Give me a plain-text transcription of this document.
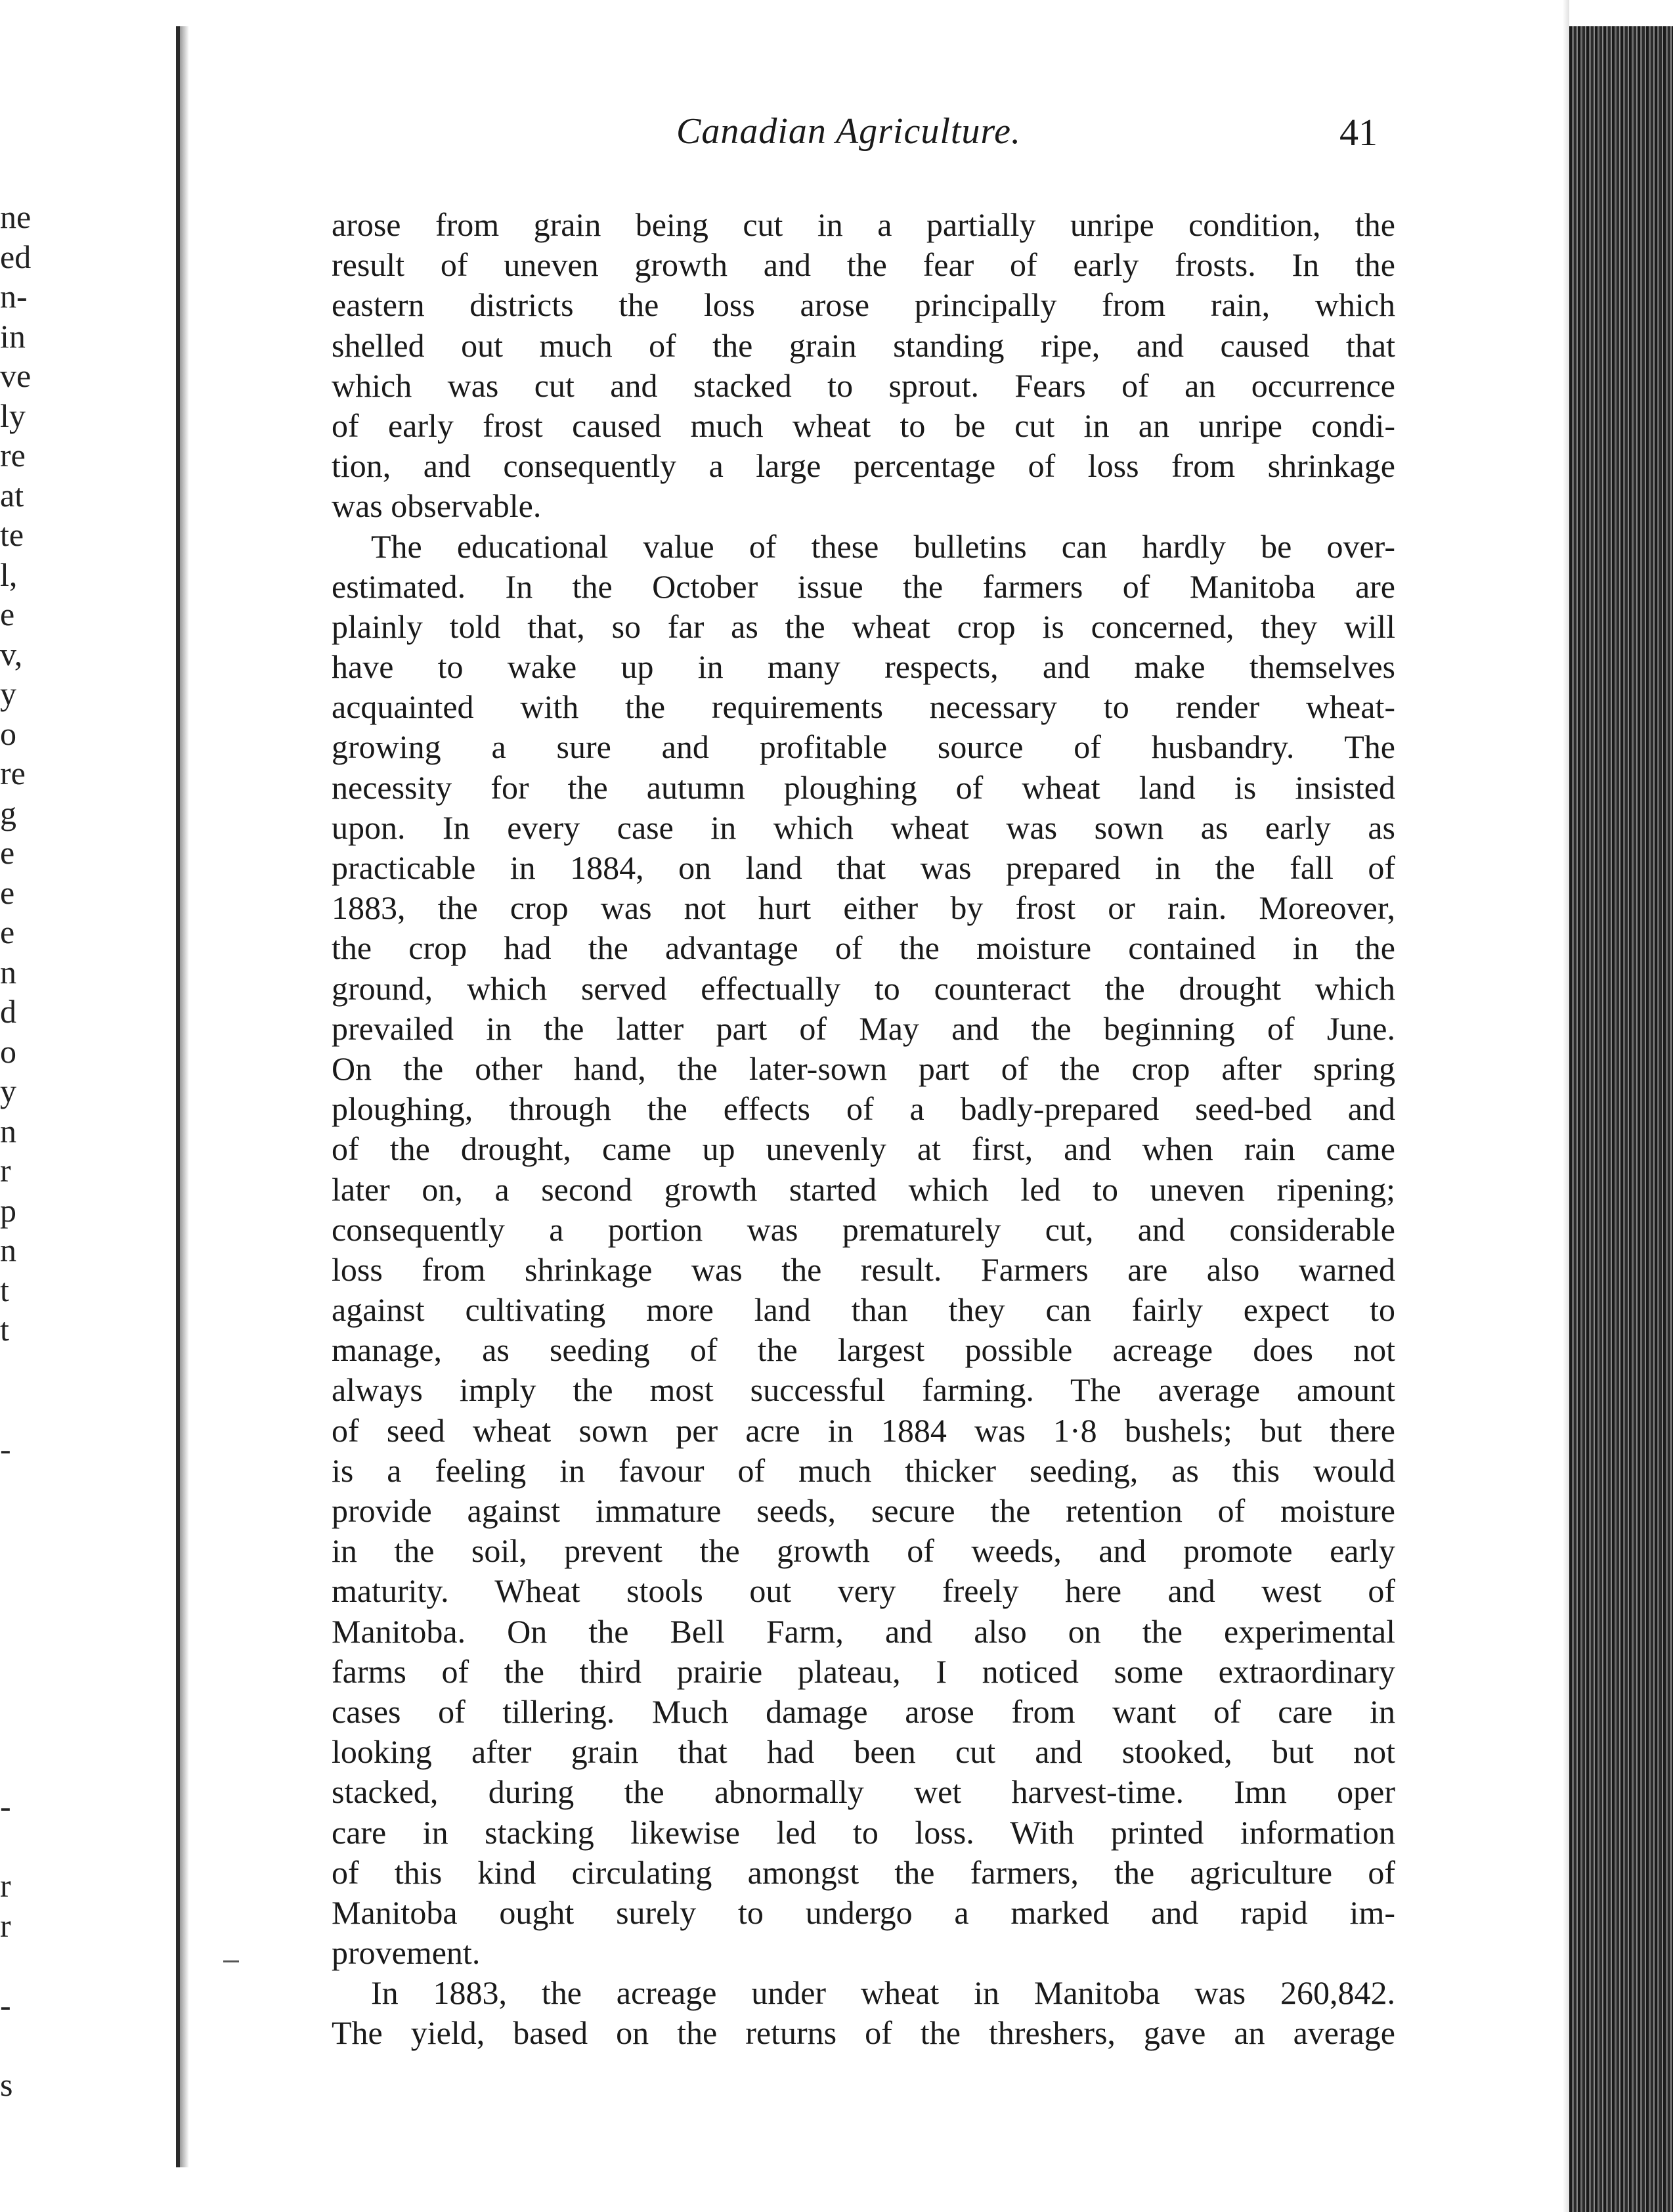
ne
ed
n-
in
ve
ly
re
at
te
l,
e
v,
y
o
re
g
e
e
e
n
d
o
y
n
r
p
n
t
t
-
-
r
r
-
s
Canadian Agriculture.	41
arose from grain being cut in a partially unripe condition, the
result of uneven growth and the fear of early frosts. In the
eastern districts the loss arose principally from rain, which
shelled out much of the grain standing ripe, and caused that
which was cut and stacked to sprout. Fears of an occurrence
of early frost caused much wheat to be cut in an unripe condi-
tion, and consequently a large percentage of loss from shrinkage
was observable.
The educational value of these bulletins can hardly be over-
estimated. In the October issue the farmers of Manitoba are
plainly told that, so far as the wheat crop is concerned, they will
have to wake up in many respects, and make themselves
acquainted with the requirements necessary to render wheat-
growing a sure and profitable source of husbandry. The
necessity for the autumn ploughing of wheat land is insisted
upon. In every case in which wheat was sown as early as
practicable in 1884, on land that was prepared in the fall of
1883, the crop was not hurt either by frost or rain. Moreover,
the crop had the advantage of the moisture contained in the
ground, which served effectually to counteract the drought which
prevailed in the latter part of May and the beginning of June.
On the other hand, the later-sown part of the crop after spring
ploughing, through the effects of a badly-prepared seed-bed and
of the drought, came up unevenly at first, and when rain came
later on, a second growth started which led to uneven ripening;
consequently a portion was prematurely cut, and considerable
loss from shrinkage was the result. Farmers are also warned
against cultivating more land than they can fairly expect to
manage, as seeding of the largest possible acreage does not
always imply the most successful farming. The average amount
of seed wheat sown per acre in 1884 was 1·8 bushels; but there
is a feeling in favour of much thicker seeding, as this would
provide against immature seeds, secure the retention of moisture
in the soil, prevent the growth of weeds, and promote early
maturity. Wheat stools out very freely here and west of
Manitoba. On the Bell Farm, and also on the experimental
farms of the third prairie plateau, I noticed some extraordinary
cases of tillering. Much damage arose from want of care in
looking after grain that had been cut and stooked, but not
stacked, during the abnormally wet harvest-time. Imn oper
care in stacking likewise led to loss. With printed information
of this kind circulating amongst the farmers, the agriculture of
Manitoba ought surely to undergo a marked and rapid im-
provement.
In 1883, the acreage under wheat in Manitoba was 260,842.
The yield, based on the returns of the threshers, gave an average
